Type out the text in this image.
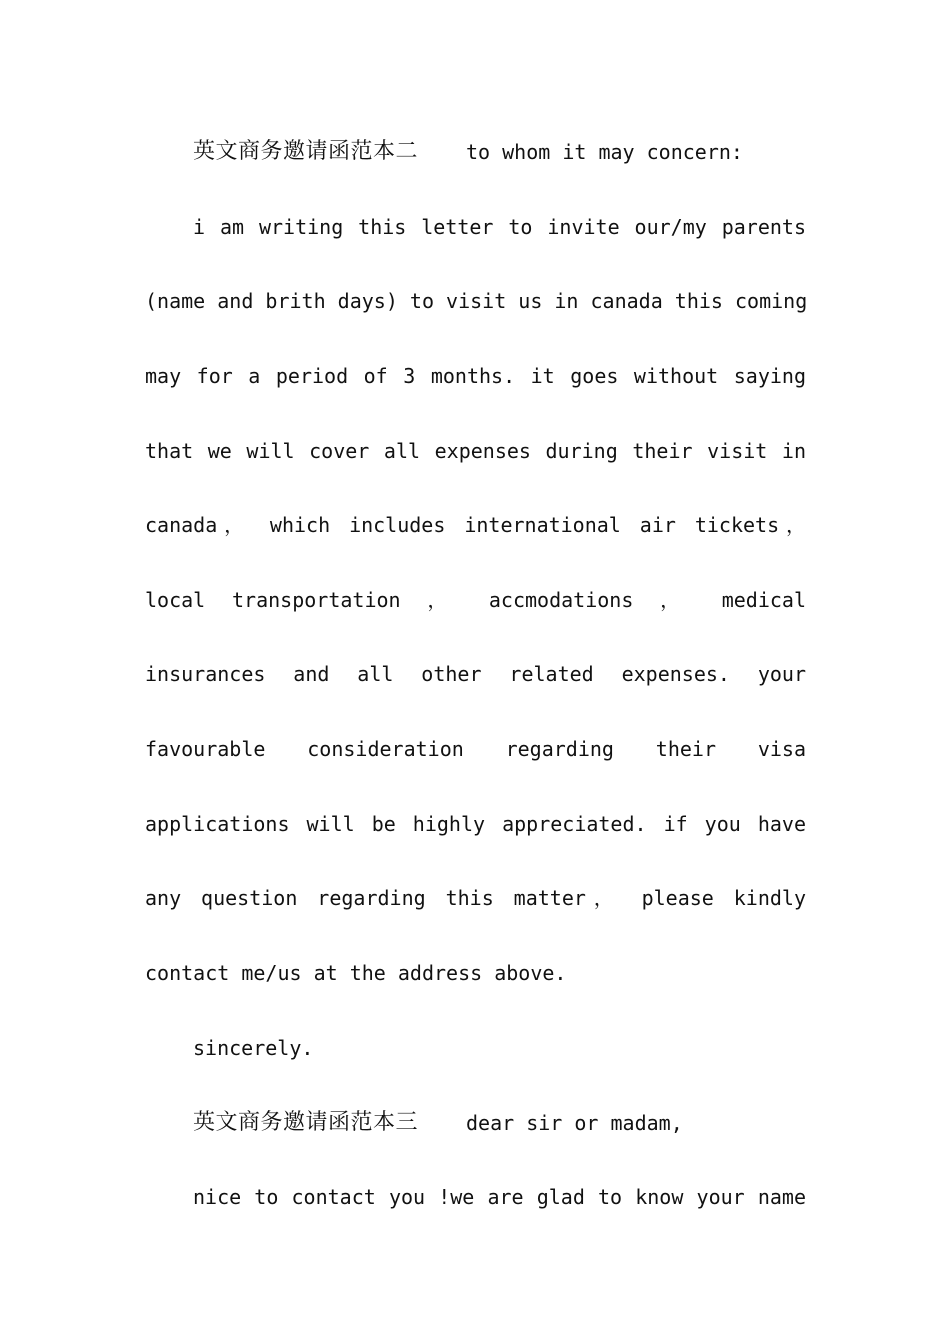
英文商务邀请函范本二 to whom it may concern:
i am writing this letter to invite our/my parents
(name and brith days) to visit us in canada this coming
may for a period of 3 months. it goes without saying
that we will cover all expenses during their visit in
canada， which includes international air tickets，
local transportation ， accmodations ， medical
insurances and all other related expenses. your
favourable consideration regarding their visa
applications will be highly appreciated. if you have
any question regarding this matter， please kindly
contact me/us at the address above.
sincerely.
英文商务邀请函范本三 dear sir or madam,
nice to contact you !we are glad to know your name
